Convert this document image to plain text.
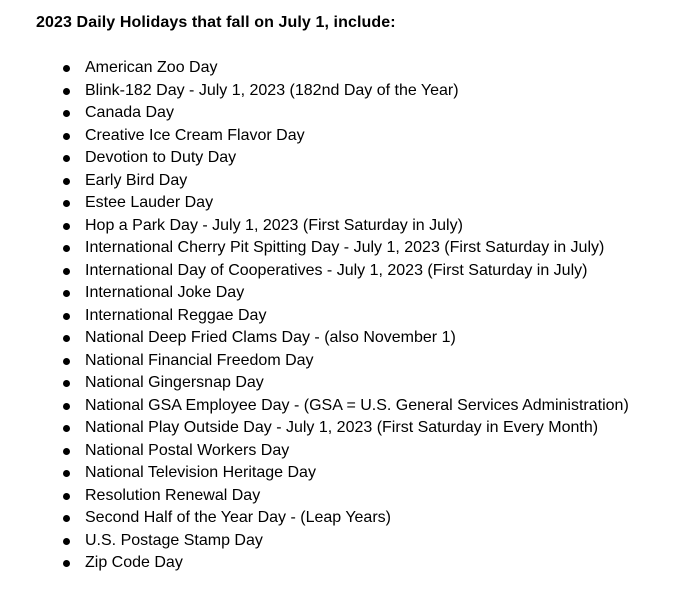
2023 Daily Holidays that fall on July 1, include:
American Zoo Day
Blink-182 Day - July 1, 2023 (182nd Day of the Year)
Canada Day
Creative Ice Cream Flavor Day
Devotion to Duty Day
Early Bird Day
Estee Lauder Day
Hop a Park Day - July 1, 2023 (First Saturday in July)
International Cherry Pit Spitting Day - July 1, 2023 (First Saturday in July)
International Day of Cooperatives - July 1, 2023 (First Saturday in July)
International Joke Day
International Reggae Day
National Deep Fried Clams Day - (also November 1)
National Financial Freedom Day
National Gingersnap Day
National GSA Employee Day - (GSA = U.S. General Services Administration)
National Play Outside Day - July 1, 2023 (First Saturday in Every Month)
National Postal Workers Day
National Television Heritage Day
Resolution Renewal Day
Second Half of the Year Day - (Leap Years)
U.S. Postage Stamp Day
Zip Code Day
